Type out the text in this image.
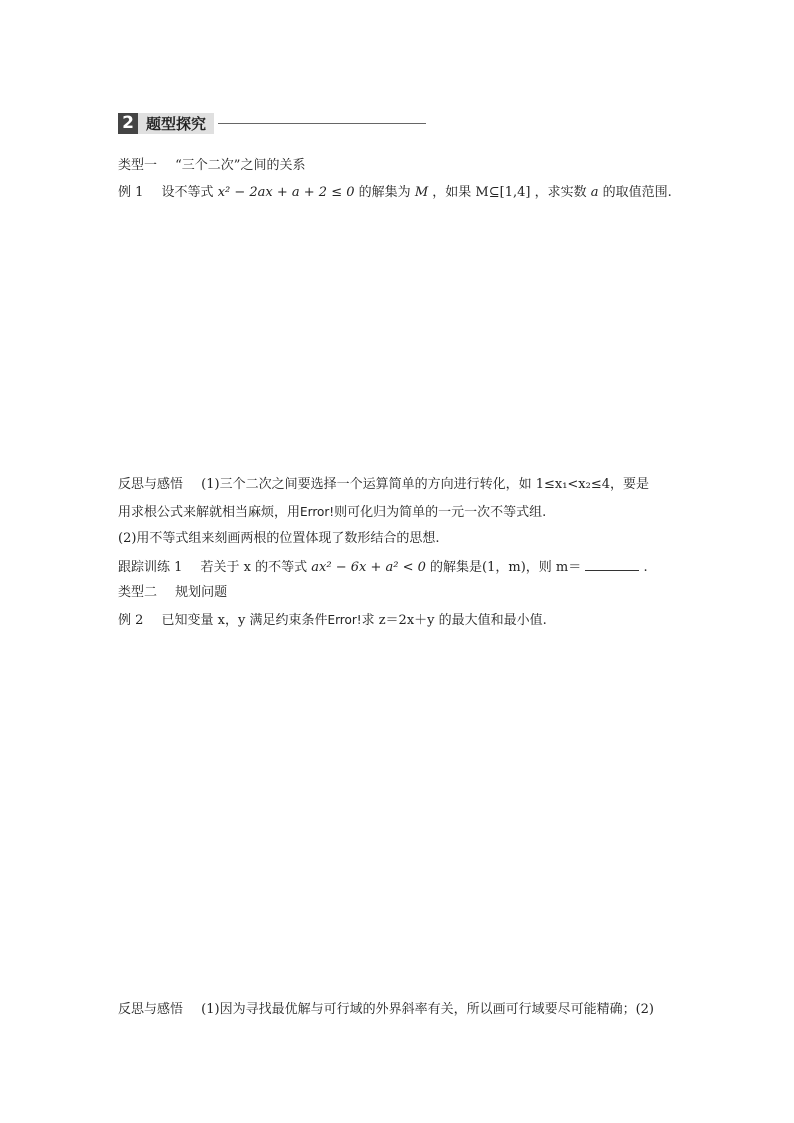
2 题型探究
类型一 “三个二次”之间的关系
例 1 设不等式 x² − 2ax + a + 2 ≤ 0 的解集为 M ，如果 M⊆[1,4] ，求实数 a 的取值范围.
反思与感悟 (1)三个二次之间要选择一个运算简单的方向进行转化，如 1≤x₁<x₂≤4，要是
用求根公式来解就相当麻烦，用Error!则可化归为简单的一元一次不等式组.
(2)用不等式组来刻画两根的位置体现了数形结合的思想.
跟踪训练 1 若关于 x 的不等式 ax² − 6x + a² < 0 的解集是(1，m)，则 m＝	.
类型二 规划问题
例 2 已知变量 x，y 满足约束条件Error!求 z＝2x＋y 的最大值和最小值.
反思与感悟 (1)因为寻找最优解与可行域的外界斜率有关，所以画可行域要尽可能精确；(2)
